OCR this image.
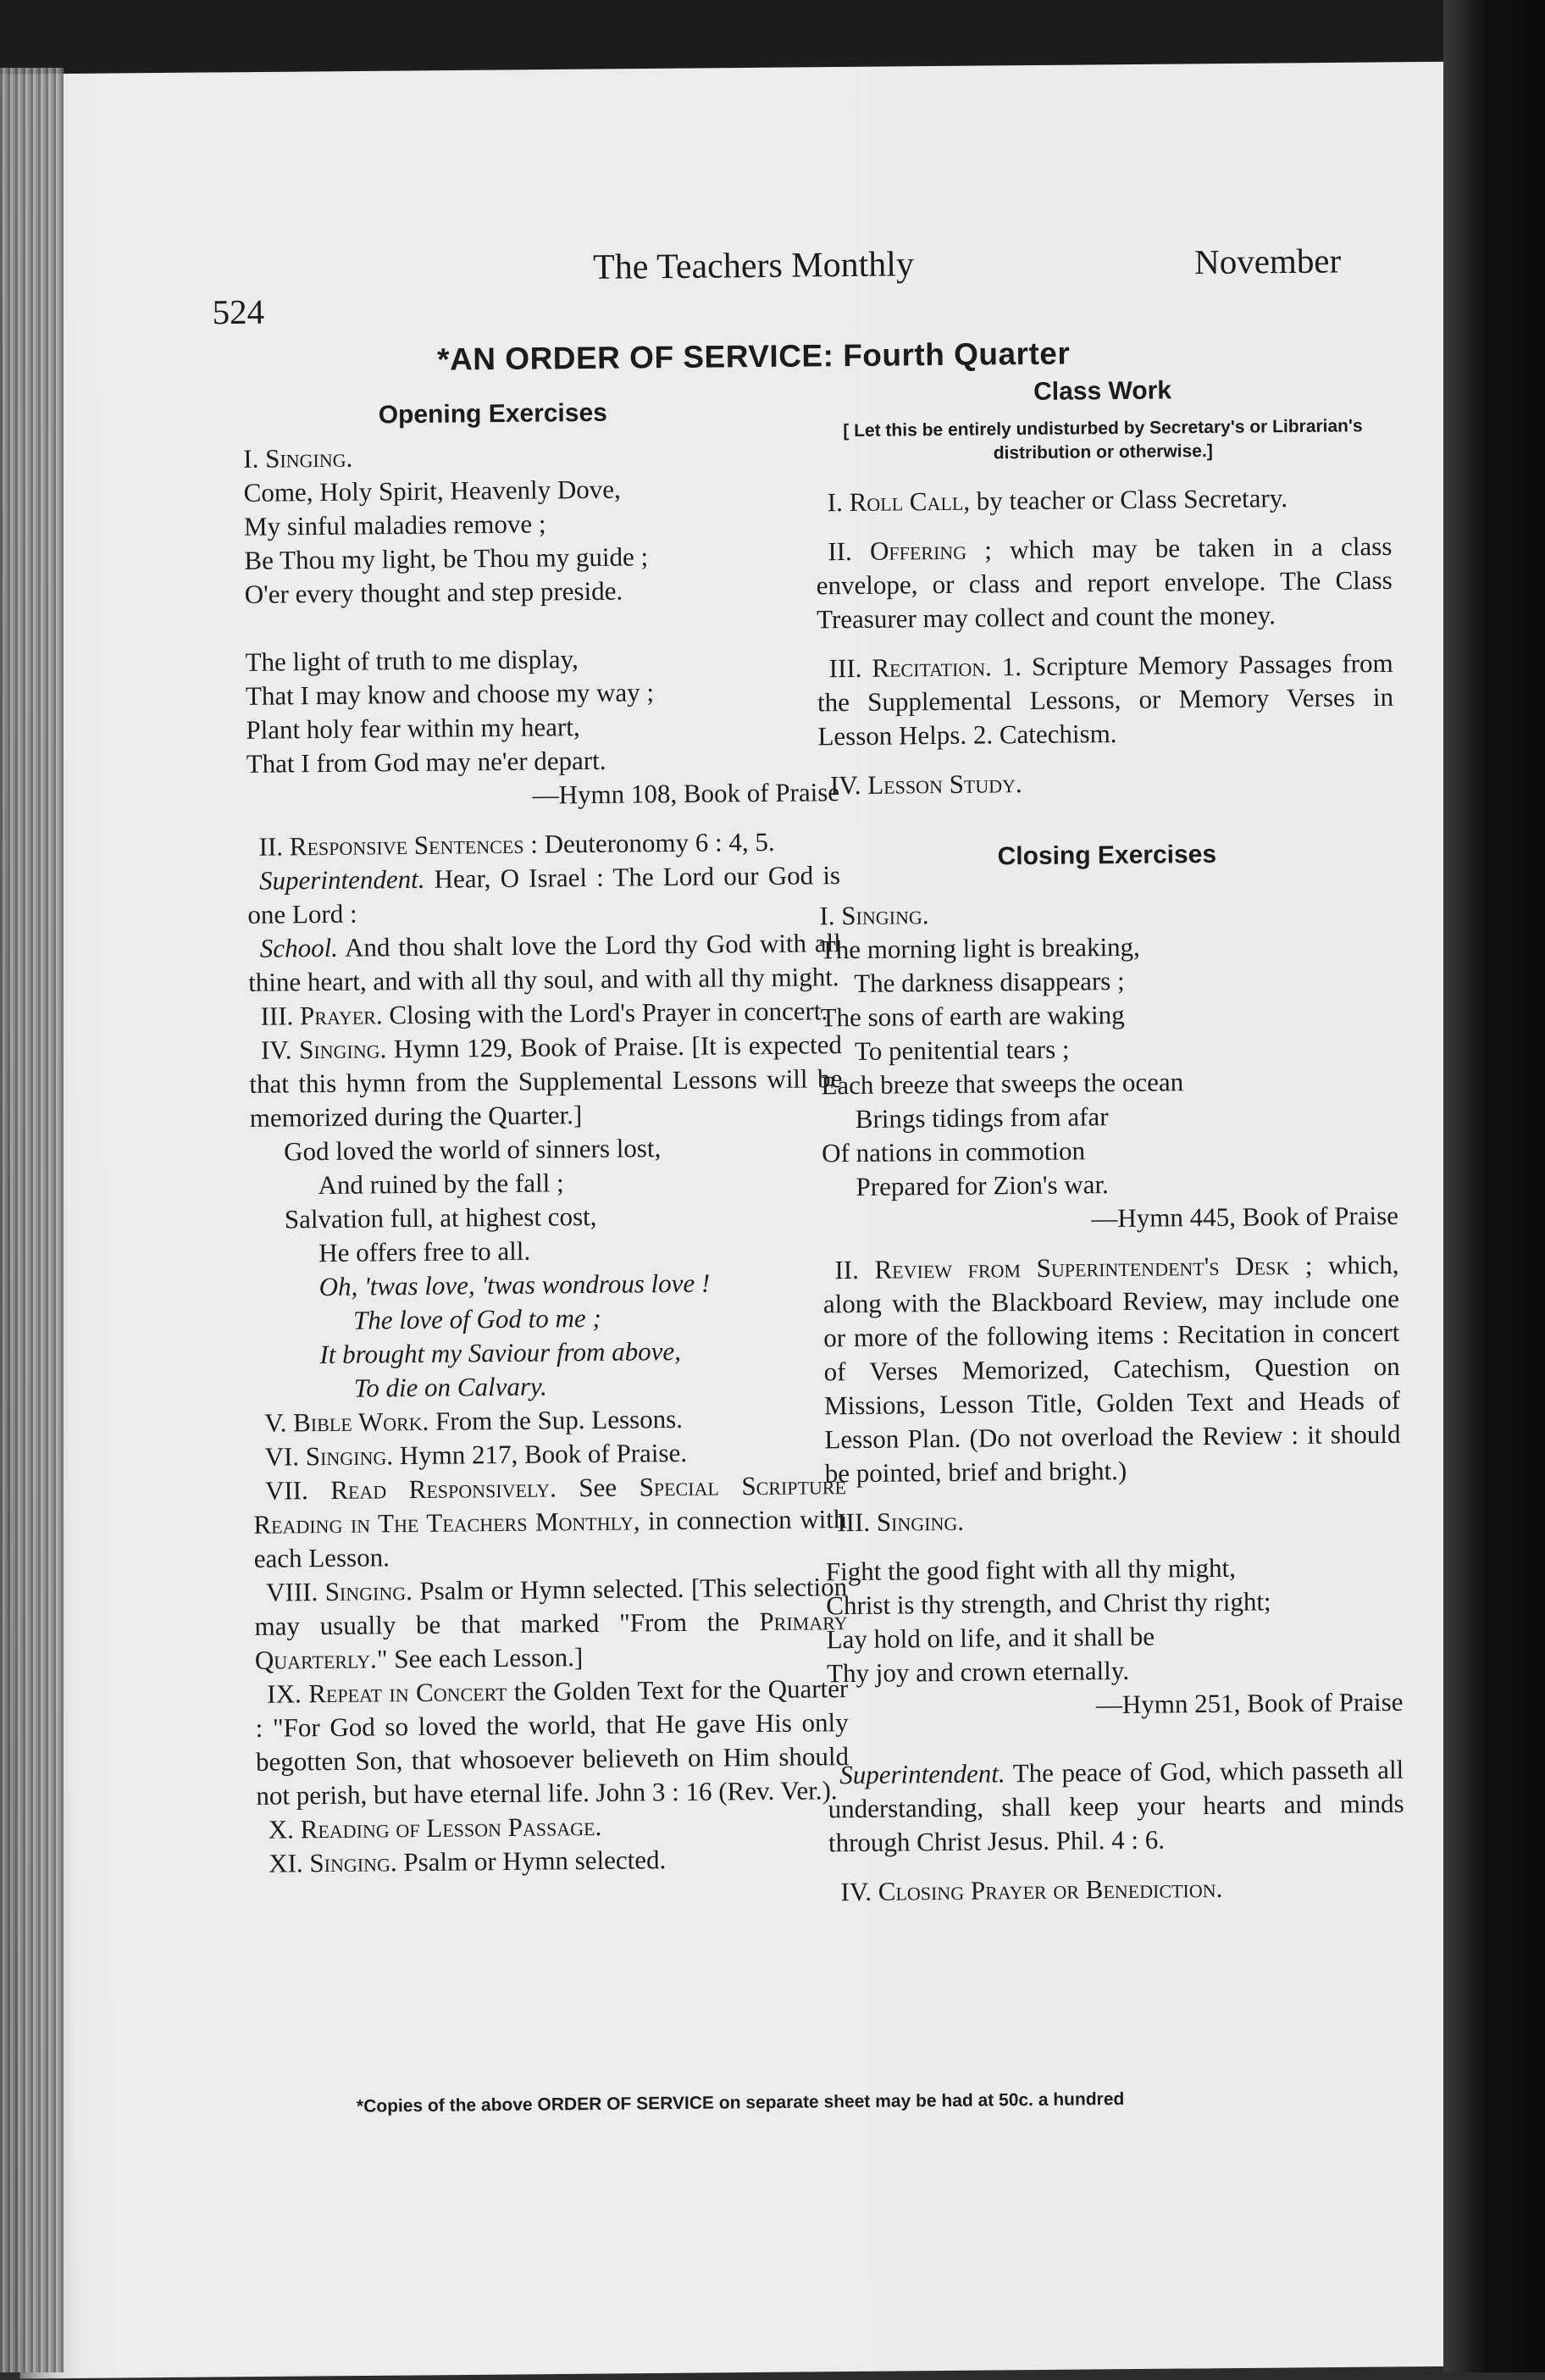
524
The Teachers Monthly	November
*AN ORDER OF SERVICE: Fourth Quarter
Opening Exercises
I. Singing.
Come, Holy Spirit, Heavenly Dove,
My sinful maladies remove ;
Be Thou my light, be Thou my guide ;
O'er every thought and step preside.
The light of truth to me display,
That I may know and choose my way ;
Plant holy fear within my heart,
That I from God may ne'er depart.
—Hymn 108, Book of Praise
II. Responsive Sentences : Deuteronomy 6 : 4, 5.
Superintendent. Hear, O Israel : The Lord our God is one Lord :
School. And thou shalt love the Lord thy God with all thine heart, and with all thy soul, and with all thy might.
III. Prayer. Closing with the Lord's Prayer in concert.
IV. Singing. Hymn 129, Book of Praise. [It is expected that this hymn from the Supplemental Lessons will be memorized during the Quarter.]
God loved the world of sinners lost,
And ruined by the fall ;
Salvation full, at highest cost,
He offers free to all.
Oh, 'twas love, 'twas wondrous love !
The love of God to me ;
It brought my Saviour from above,
To die on Calvary.
V. Bible Work. From the Sup. Lessons.
VI. Singing. Hymn 217, Book of Praise.
VII. Read Responsively. See Special Scripture Reading in The Teachers Monthly, in connection with each Lesson.
VIII. Singing. Psalm or Hymn selected. [This selection may usually be that marked "From the Primary Quarterly." See each Lesson.]
IX. Repeat in Concert the Golden Text for the Quarter : "For God so loved the world, that He gave His only begotten Son, that whosoever believeth on Him should not perish, but have eternal life. John 3 : 16 (Rev. Ver.).
X. Reading of Lesson Passage.
XI. Singing. Psalm or Hymn selected.
Class Work
[ Let this be entirely undisturbed by Secretary's or Librarian's distribution or otherwise.]
I. Roll Call, by teacher or Class Secretary.
II. Offering ; which may be taken in a class envelope, or class and report envelope. The Class Treasurer may collect and count the money.
III. Recitation. 1. Scripture Memory Passages from the Supplemental Lessons, or Memory Verses in Lesson Helps. 2. Catechism.
IV. Lesson Study.
Closing Exercises
I. Singing.
The morning light is breaking,
The darkness disappears ;
The sons of earth are waking
To penitential tears ;
Each breeze that sweeps the ocean
Brings tidings from afar
Of nations in commotion
Prepared for Zion's war.
—Hymn 445, Book of Praise
II. Review from Superintendent's Desk ; which, along with the Blackboard Review, may include one or more of the following items : Recitation in concert of Verses Memorized, Catechism, Question on Missions, Lesson Title, Golden Text and Heads of Lesson Plan. (Do not overload the Review : it should be pointed, brief and bright.)
III. Singing.
Fight the good fight with all thy might,
Christ is thy strength, and Christ thy right;
Lay hold on life, and it shall be
Thy joy and crown eternally.
—Hymn 251, Book of Praise
Superintendent. The peace of God, which passeth all understanding, shall keep your hearts and minds through Christ Jesus. Phil. 4 : 6.
IV. Closing Prayer or Benediction.
*Copies of the above ORDER OF SERVICE on separate sheet may be had at 50c. a hundred
